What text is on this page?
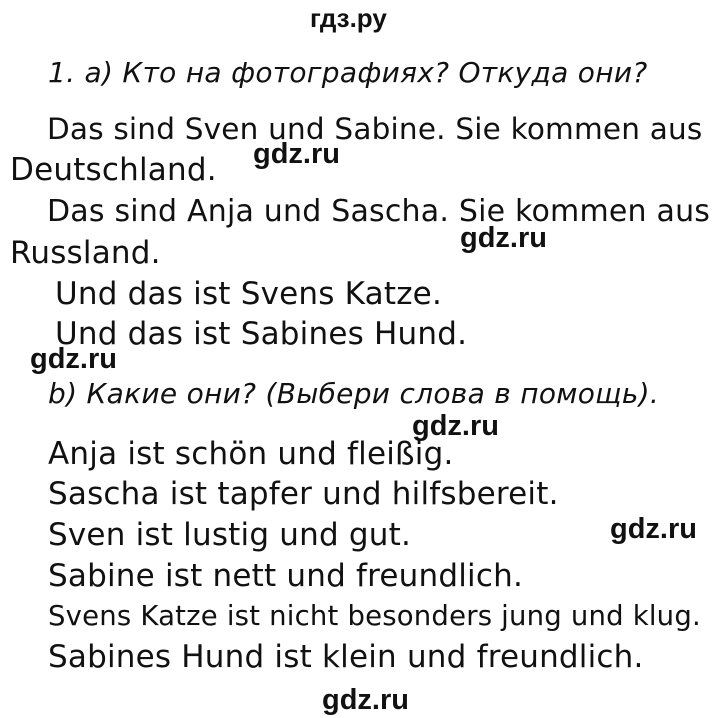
гдз.ру
gdz.ru
gdz.ru
gdz.ru
gdz.ru
gdz.ru
gdz.ru
1. a) Кто на фотографиях? Откуда они?
Das sind Sven und Sabine. Sie kommen aus
Deutschland.
Das sind Anja und Sascha. Sie kommen aus
Russland.
Und das ist Svens Katze.
Und das ist Sabines Hund.
b) Какие они? (Выбери слова в помощь).
Anja ist schön und fleißig.
Sascha ist tapfer und hilfsbereit.
Sven ist lustig und gut.
Sabine ist nett und freundlich.
Svens Katze ist nicht besonders jung und klug.
Sabines Hund ist klein und freundlich.
